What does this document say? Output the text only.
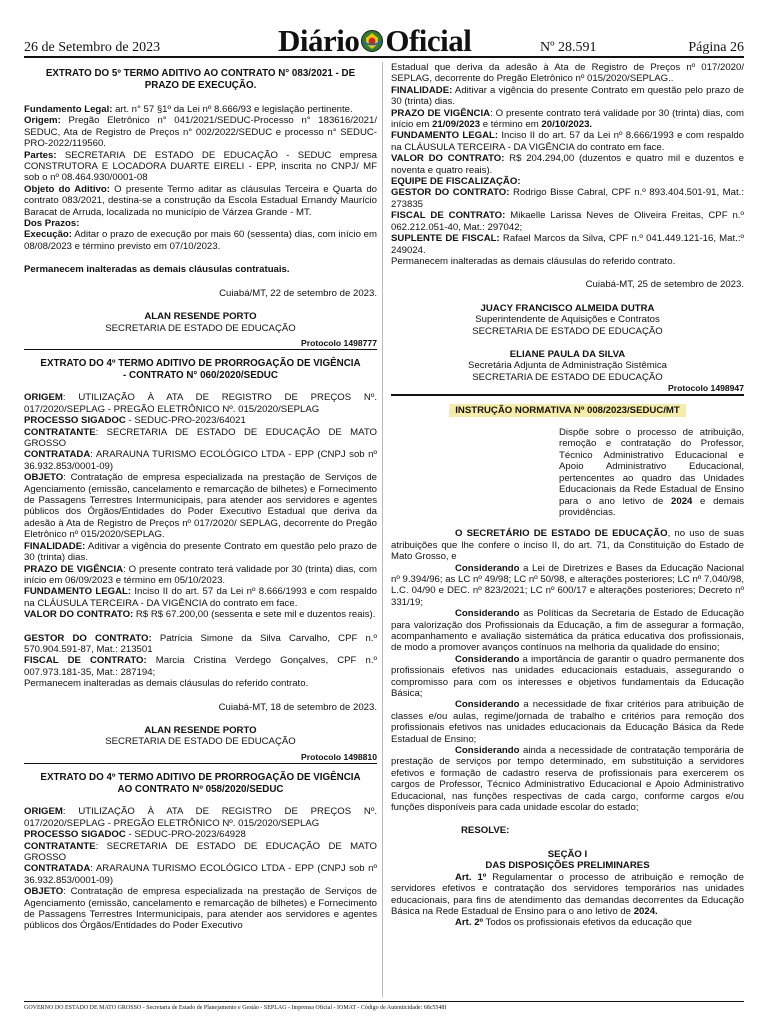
26 de Setembro de 2023	Diário Oficial	Nº 28.591	Página 26
EXTRATO DO 5º TERMO ADITIVO AO CONTRATO N° 083/2021 - DE PRAZO DE EXECUÇÃO.

Fundamento Legal: art. n° 57 §1º da Lei nº 8.666/93 e legislação pertinente.

Origem: Pregão Eletrônico n° 041/2021/SEDUC-Processo n° 183616/2021/ SEDUC, Ata de Registro de Preços n° 002/2022/SEDUC e processo n° SEDUC-PRO-2022/119560.

Partes: SECRETARIA DE ESTADO DE EDUCAÇÃO - SEDUC empresa CONSTRUTORA E LOCADORA DUARTE EIRELI - EPP, inscrita no CNPJ/ MF sob o nº 08.464.930/0001-08

Objeto do Aditivo: O presente Termo aditar as cláusulas Terceira e Quarta do contrato 083/2021, destina-se a construção da Escola Estadual Ernandy Maurício Baracat de Arruda, localizada no município de Várzea Grande - MT.

Dos Prazos:

Execução: Aditar o prazo de execução por mais 60 (sessenta) dias, com início em 08/08/2023 e término previsto em 07/10/2023.

Permanecem inalteradas as demais cláusulas contratuais.

Cuiabá/MT, 22 de setembro de 2023.

ALAN RESENDE PORTO

SECRETARIA DE ESTADO DE EDUCAÇÃO

Protocolo 1498777

EXTRATO DO 4º TERMO ADITIVO DE PRORROGAÇÃO DE VIGÊNCIA - CONTRATO N° 060/2020/SEDUC

ORIGEM: UTILIZAÇÃO À ATA DE REGISTRO DE PREÇOS Nº. 017/2020/SEPLAG - PREGÃO ELETRÔNICO Nº. 015/2020/SEPLAG

PROCESSO SIGADOC - SEDUC-PRO-2023/64021

CONTRATANTE: SECRETARIA DE ESTADO DE EDUCAÇÃO DE MATO GROSSO

CONTRATADA: ARARAUNA TURISMO ECOLÓGICO LTDA - EPP (CNPJ sob nº 36.932.853/0001-09)

OBJETO: Contratação de empresa especializada na prestação de Serviços de Agenciamento (emissão, cancelamento e remarcação de bilhetes) e Fornecimento de Passagens Terrestres Intermunicipais, para atender aos servidores e agentes públicos dos Órgãos/Entidades do Poder Executivo Estadual que deriva da adesão à Ata de Registro de Preços nº 017/2020/ SEPLAG, decorrente do Pregão Eletrônico nº 015/2020/SEPLAG.

FINALIDADE: Aditivar a vigência do presente Contrato em questão pelo prazo de 30 (trinta) dias.

PRAZO DE VIGÊNCIA: O presente contrato terá validade por 30 (trinta) dias, com início em 06/09/2023 e término em 05/10/2023.

FUNDAMENTO LEGAL: Inciso II do art. 57 da Lei nº 8.666/1993 e com respaldo na CLÁUSULA TERCEIRA - DA VIGÊNCIA do contrato em face.

VALOR DO CONTRATO: R$ R$ 67.200,00 (sessenta e sete mil e duzentos reais).

GESTOR DO CONTRATO: Patrícia Simone da Silva Carvalho, CPF n.º 570.904.591-87, Mat.: 213501

FISCAL DE CONTRATO: Marcia Cristina Verdego Gonçalves, CPF n.º 007.973.181-35, Mat.: 287194;

Permanecem inalteradas as demais cláusulas do referido contrato.

Cuiabá-MT, 18 de setembro de 2023.

ALAN RESENDE PORTO

SECRETARIA DE ESTADO DE EDUCAÇÃO

Protocolo 1498810

EXTRATO DO 4º TERMO ADITIVO DE PRORROGAÇÃO DE VIGÊNCIA AO CONTRATO Nº 058/2020/SEDUC

ORIGEM: UTILIZAÇÃO À ATA DE REGISTRO DE PREÇOS Nº. 017/2020/SEPLAG - PREGÃO ELETRÔNICO Nº. 015/2020/SEPLAG

PROCESSO SIGADOC - SEDUC-PRO-2023/64928

CONTRATANTE: SECRETARIA DE ESTADO DE EDUCAÇÃO DE MATO GROSSO

CONTRATADA: ARARAUNA TURISMO ECOLÓGICO LTDA - EPP (CNPJ sob nº 36.932.853/0001-09)

OBJETO: Contratação de empresa especializada na prestação de Serviços de Agenciamento (emissão, cancelamento e remarcação de bilhetes) e Fornecimento de Passagens Terrestres Intermunicipais, para atender aos servidores e agentes públicos dos Órgãos/Entidades do Poder Executivo

Estadual que deriva da adesão à Ata de Registro de Preços nº 017/2020/ SEPLAG, decorrente do Pregão Eletrônico nº 015/2020/SEPLAG..

FINALIDADE: Aditivar a vigência do presente Contrato em questão pelo prazo de 30 (trinta) dias.

PRAZO DE VIGÊNCIA: O presente contrato terá validade por 30 (trinta) dias, com início em 21/09/2023 e término em 20/10/2023.

FUNDAMENTO LEGAL: Inciso II do art. 57 da Lei nº 8.666/1993 e com respaldo na CLÁUSULA TERCEIRA - DA VIGÊNCIA do contrato em face.

VALOR DO CONTRATO: R$ 204.294,00 (duzentos e quatro mil e duzentos e noventa e quatro reais).

EQUIPE DE FISCALIZAÇÃO:

GESTOR DO CONTRATO: Rodrigo Bisse Cabral, CPF n.º 893.404.501-91, Mat.: 273835

FISCAL DE CONTRATO: Mikaelle Larissa Neves de Oliveira Freitas, CPF n.º 062.212.051-40, Mat.: 297042;

SUPLENTE DE FISCAL: Rafael Marcos da Silva, CPF n.º 041.449.121-16, Mat.:º 249024.

Permanecem inalteradas as demais cláusulas do referido contrato.

Cuiabá-MT, 25 de setembro de 2023.

JUACY FRANCISCO ALMEIDA DUTRA

Superintendente de Aquisições e Contratos

SECRETARIA DE ESTADO DE EDUCAÇÃO

ELIANE PAULA DA SILVA

Secretária Adjunta de Administração Sistêmica

SECRETARIA DE ESTADO DE EDUCAÇÃO

Protocolo 1498947

INSTRUÇÃO NORMATIVA Nº 008/2023/SEDUC/MT

Dispõe sobre o processo de atribuição, remoção e contratação do Professor, Técnico Administrativo Educacional e Apoio Administrativo Educacional, pertencentes ao quadro das Unidades Educacionais da Rede Estadual de Ensino para o ano letivo de 2024 e demais providências.

O SECRETÁRIO DE ESTADO DE EDUCAÇÃO, no uso de suas atribuições que lhe confere o inciso II, do art. 71, da Constituição do Estado de Mato Grosso, e

Considerando a Lei de Diretrizes e Bases da Educação Nacional nº 9.394/96; as LC nº 49/98; LC nº 50/98, e alterações posteriores; LC nº 7.040/98, L.C. 04/90 e DEC. nº 823/2021; LC nº 600/17 e alterações posteriores; Decreto nº 331/19;

Considerando as Políticas da Secretaria de Estado de Educação para valorização dos Profissionais da Educação, a fim de assegurar a formação, acompanhamento e avaliação sistemática da prática educativa dos profissionais, de modo a promover avanços contínuos na melhoria da qualidade do ensino;

Considerando a importância de garantir o quadro permanente dos profissionais efetivos nas unidades educacionais estaduais, assegurando o compromisso para com os interesses e objetivos fundamentais da Educação Básica;

Considerando a necessidade de fixar critérios para atribuição de classes e/ou aulas, regime/jornada de trabalho e critérios para remoção dos profissionais efetivos nas unidades educacionais da Educação Básica da Rede Estadual de Ensino;

Considerando ainda a necessidade de contratação temporária de prestação de serviços por tempo determinado, em substituição a servidores efetivos e formação de cadastro reserva de profissionais para exercerem os cargos de Professor, Técnico Administrativo Educacional e Apoio Administrativo Educacional, nas funções respectivas de cada cargo, conforme cargos e/ou funções disponíveis para cada unidade escolar do estado;

RESOLVE:

SEÇÃO I

DAS DISPOSIÇÕES PRELIMINARES

Art. 1º Regulamentar o processo de atribuição e remoção de servidores efetivos e contratação dos servidores temporários nas unidades educacionais, para fins de atendimento das demandas decorrentes da Educação Básica na Rede Estadual de Ensino para o ano letivo de 2024.

Art. 2º Todos os profissionais efetivos da educação que

GOVERNO DO ESTADO DE MATO GROSSO - Secretaria de Estado de Planejamento e Gestão - SEPLAG - Imprensa Oficial - IOMAT - Código de Autenticidade: 68c5548f
